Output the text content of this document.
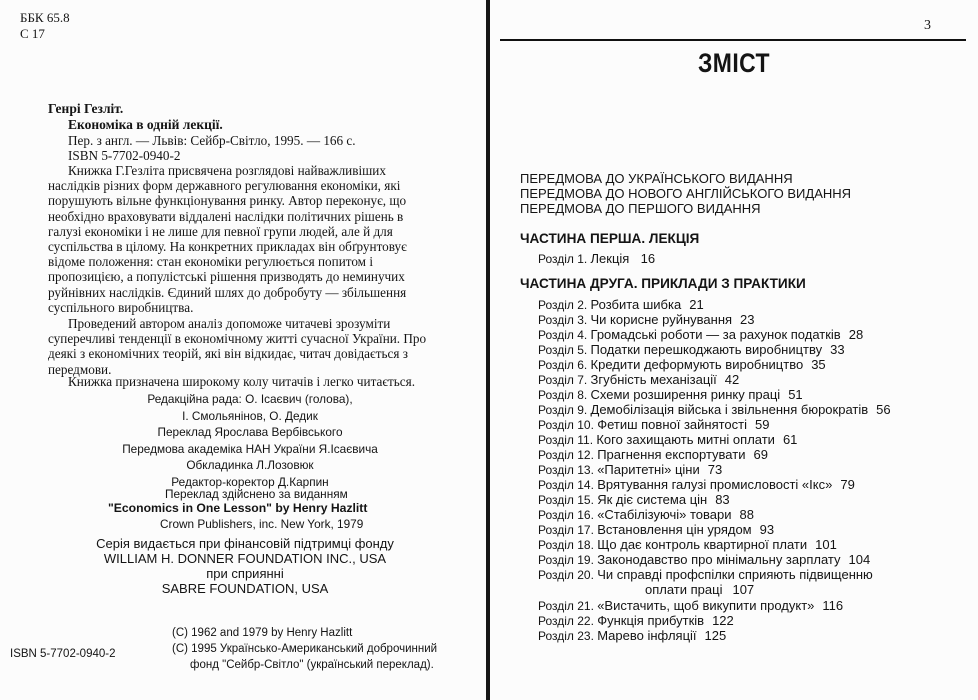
ББК 65.8
С 17
Генрі Гезліт.
Економіка в одній лекції.
Пер. з англ. — Львів: Сейбр-Світло, 1995. — 166 с.
ISBN 5-7702-0940-2
Книжка Г.Гезліта присвячена розглядові найважливіших
наслідків різних форм державного регулювання економіки, які
порушують вільне функціонування ринку. Автор переконує, що
необхідно враховувати віддалені наслідки політичних рішень в
галузі економіки і не лише для певної групи людей, але й для
суспільства в цілому. На конкретних прикладах він обґрунтовує
відоме положення: стан економіки регулюється попитом і
пропозицією, а популістські рішення призводять до неминучих
руйнівних наслідків. Єдиний шлях до добробуту — збільшення
суспільного виробництва.
Проведений автором аналіз допоможе читачеві зрозуміти
суперечливі тенденції в економічному житті сучасної України. Про
деякі з економічних теорій, які він відкидає, читач довідається з
передмови.
Книжка призначена широкому колу читачів і легко читається.
Редакційна рада: О. Ісаєвич (голова),
І. Смольянінов, О. Дедик
Переклад Ярослава Вербівського
Передмова академіка НАН України Я.Ісаєвича
Обкладинка Л.Лозовюк
Редактор-коректор Д.Карпин
Переклад здійснено за виданням
"Economics in One Lesson" by Henry Hazlitt
Crown Publishers, inc. New York, 1979
Серія видається при фінансовій підтримці фонду
WILLIAM H. DONNER FOUNDATION INC., USA
при сприянні
SABRE FOUNDATION, USA
ISBN 5-7702-0940-2
(С) 1962 and 1979 by Henry Hazlitt
(С) 1995 Українсько-Американський доброчинний
фонд "Сейбр-Світло" (український переклад).
3
ЗМІСТ
ПЕРЕДМОВА ДО УКРАЇНСЬКОГО ВИДАННЯ
ПЕРЕДМОВА ДО НОВОГО АНГЛІЙСЬКОГО ВИДАННЯ
ПЕРЕДМОВА ДО ПЕРШОГО ВИДАННЯ
ЧАСТИНА ПЕРША. ЛЕКЦІЯ
Розділ 1. Лекція 16
ЧАСТИНА ДРУГА. ПРИКЛАДИ З ПРАКТИКИ
Розділ 2. Розбита шибка 21
Розділ 3. Чи корисне руйнування 23
Розділ 4. Громадські роботи — за рахунок податків 28
Розділ 5. Податки перешкоджають виробництву 33
Розділ 6. Кредити деформують виробництво 35
Розділ 7. Згубність механізації 42
Розділ 8. Схеми розширення ринку праці 51
Розділ 9. Демобілізація війська і звільнення бюрократів 56
Розділ 10. Фетиш повної зайнятості 59
Розділ 11. Кого захищають митні оплати 61
Розділ 12. Прагнення експортувати 69
Розділ 13. «Паритетні» ціни 73
Розділ 14. Врятування галузі промисловості «Ікс» 79
Розділ 15. Як діє система цін 83
Розділ 16. «Стабілізуючі» товари 88
Розділ 17. Встановлення цін урядом 93
Розділ 18. Що дає контроль квартирної плати 101
Розділ 19. Законодавство про мінімальну зарплату 104
Розділ 20. Чи справді профспілки сприяють підвищенню
оплати праці 107
Розділ 21. «Вистачить, щоб викупити продукт» 116
Розділ 22. Функція прибутків 122
Розділ 23. Марево інфляції 125
